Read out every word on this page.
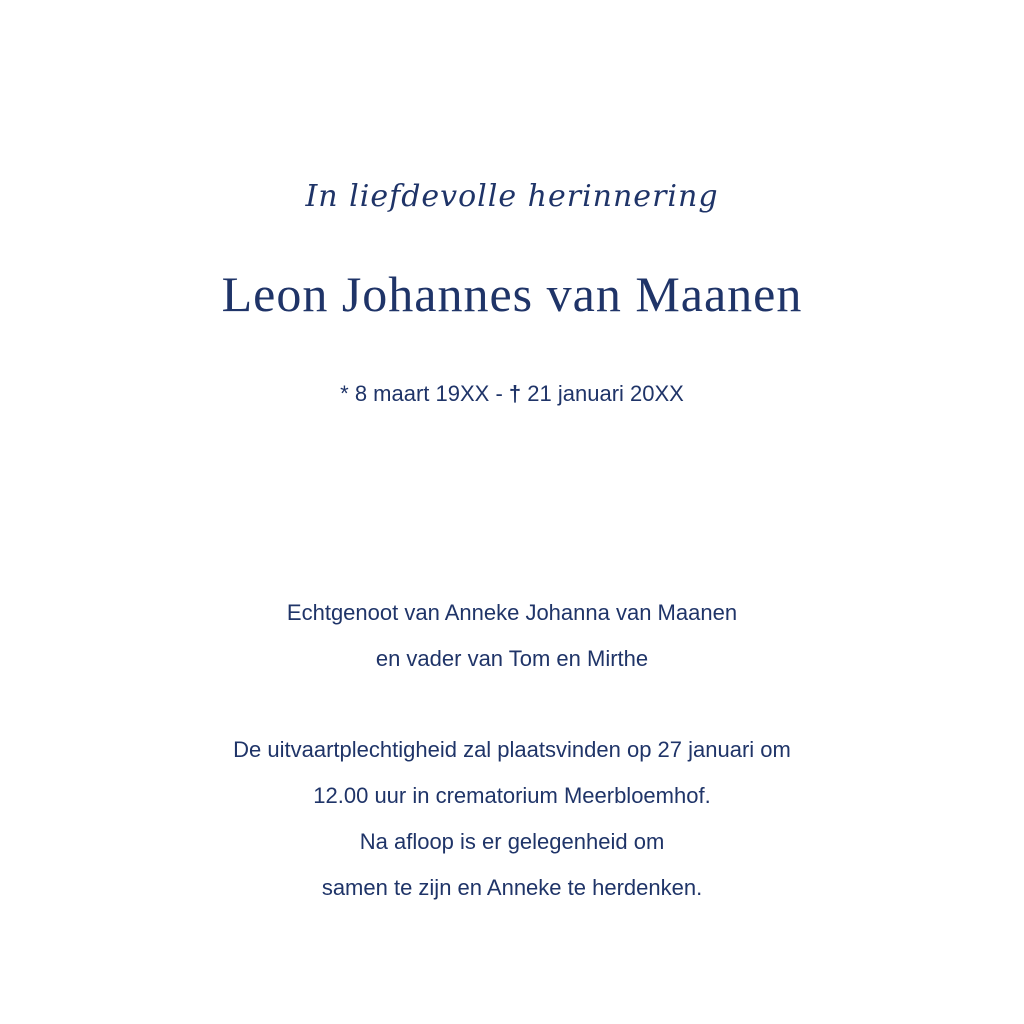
In liefdevolle herinnering
Leon Johannes van Maanen
* 8 maart 19XX - † 21 januari 20XX
Echtgenoot van Anneke Johanna van Maanen
en vader van Tom en Mirthe
De uitvaartplechtigheid zal plaatsvinden op 27 januari om
12.00 uur in crematorium Meerbloemhof.
Na afloop is er gelegenheid om
samen te zijn en Anneke te herdenken.
